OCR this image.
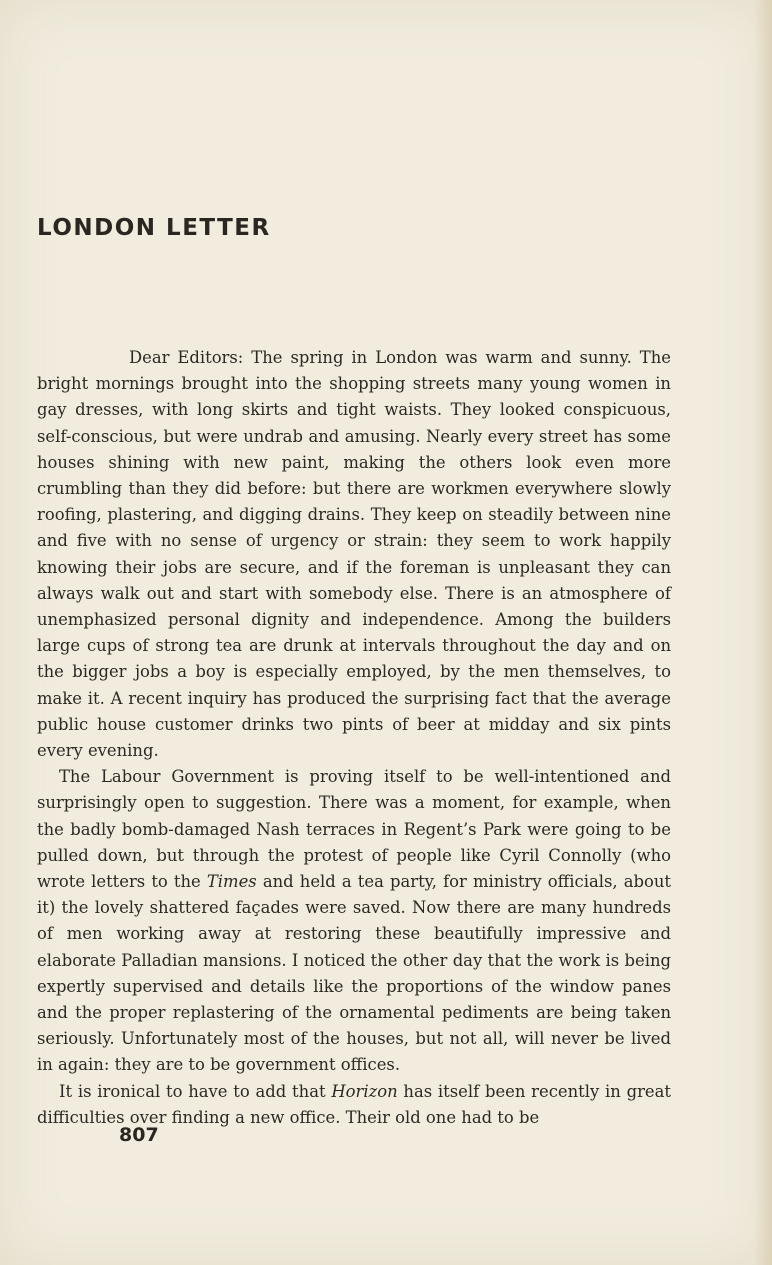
LONDON LETTER

Dear Editors: The spring in London was warm and sunny. The bright mornings brought into the shopping streets many young women in gay dresses, with long skirts and tight waists. They looked conspicuous, self-conscious, but were undrab and amusing. Nearly every street has some houses shining with new paint, making the others look even more crumbling than they did before: but there are workmen everywhere slowly roofing, plastering, and digging drains. They keep on steadily between nine and five with no sense of urgency or strain: they seem to work happily knowing their jobs are secure, and if the foreman is unpleasant they can always walk out and start with somebody else. There is an atmosphere of unemphasized personal dignity and independence. Among the builders large cups of strong tea are drunk at intervals throughout the day and on the bigger jobs a boy is especially employed, by the men themselves, to make it. A recent inquiry has produced the surprising fact that the average public house customer drinks two pints of beer at midday and six pints every evening.

The Labour Government is proving itself to be well-intentioned and surprisingly open to suggestion. There was a moment, for example, when the badly bomb-damaged Nash terraces in Regent’s Park were going to be pulled down, but through the protest of people like Cyril Connolly (who wrote letters to the Times and held a tea party, for ministry officials, about it) the lovely shattered façades were saved. Now there are many hundreds of men working away at restoring these beautifully impressive and elaborate Palladian mansions. I noticed the other day that the work is being expertly supervised and details like the proportions of the window panes and the proper replastering of the ornamental pediments are being taken seriously. Unfortunately most of the houses, but not all, will never be lived in again: they are to be government offices.

It is ironical to have to add that Horizon has itself been recently in great difficulties over finding a new office. Their old one had to be

807
